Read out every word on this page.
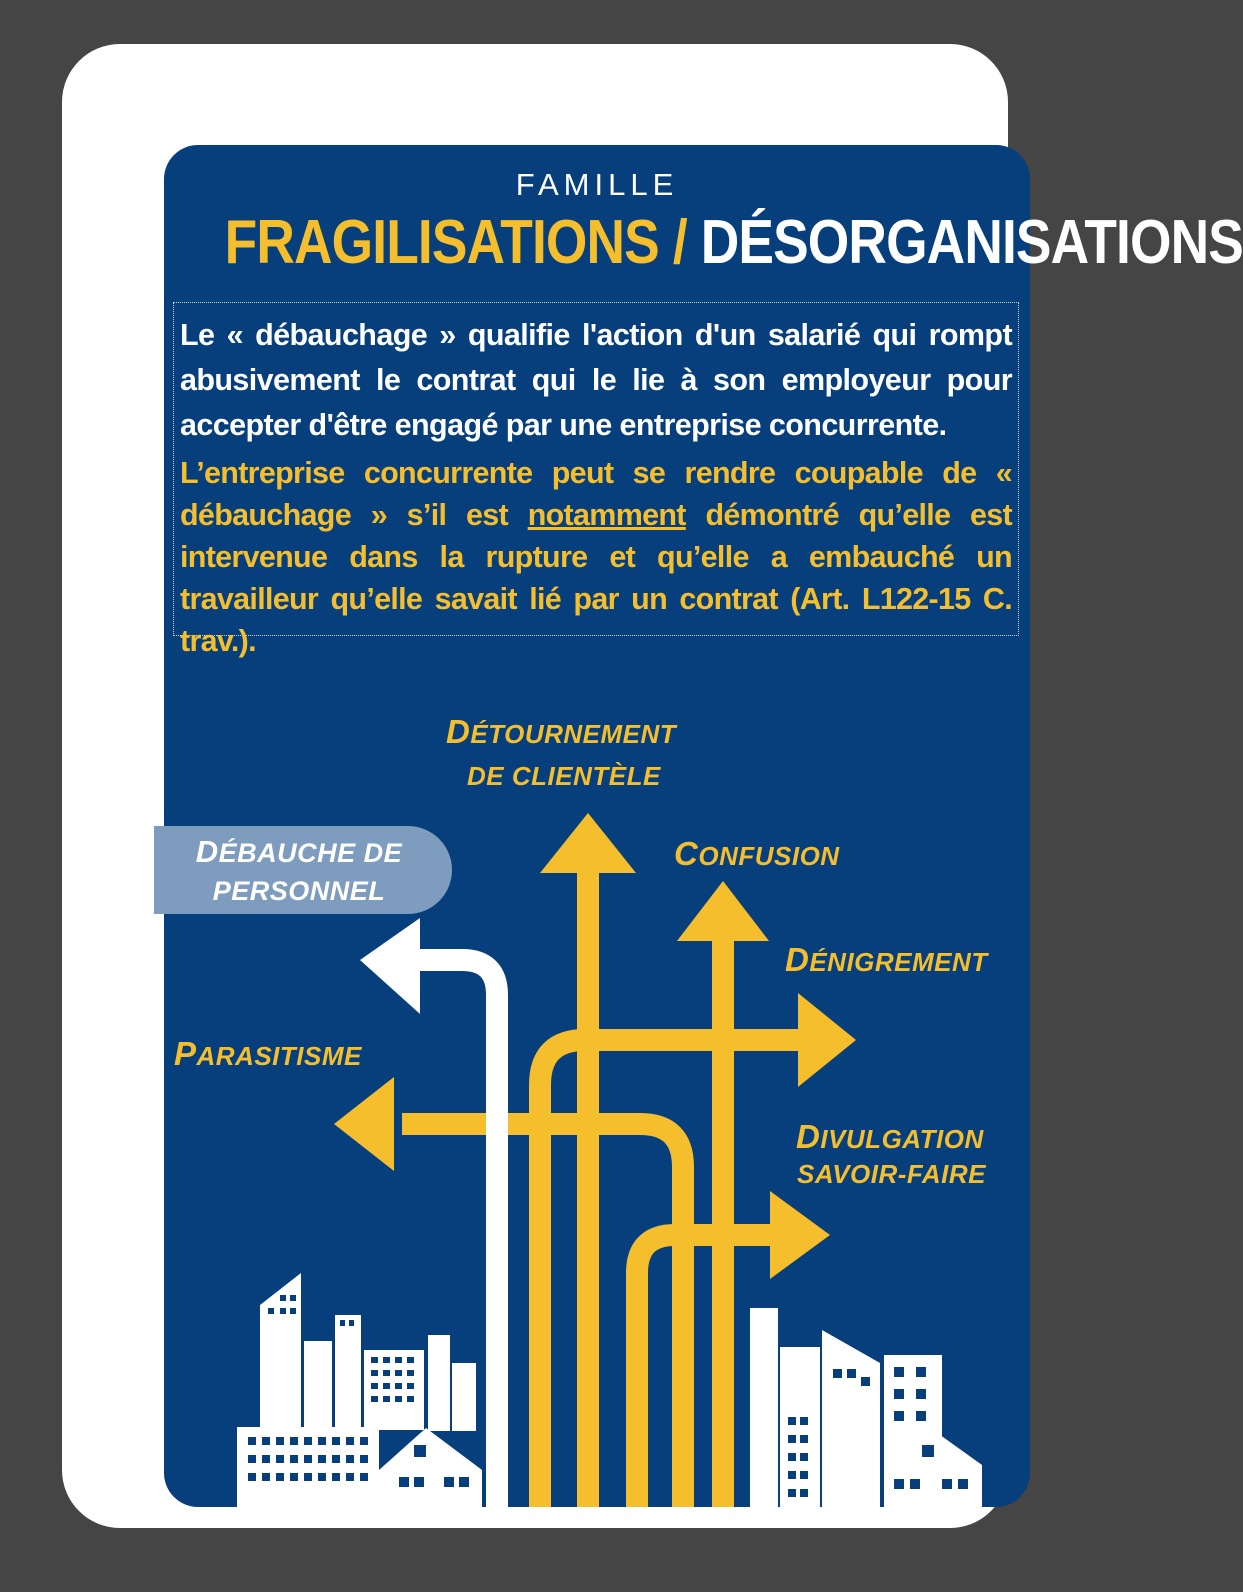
FAMILLE
FRAGILISATIONS / DÉSORGANISATIONS

Le « débauchage » qualifie l'action d'un salarié qui rompt abusivement le contrat qui le lie à son employeur pour accepter d'être engagé par une entreprise concurrente.

L’entreprise concurrente peut se rendre coupable de « débauchage » s’il est notamment démontré qu’elle est intervenue dans la rupture et qu’elle a embauché un travailleur qu’elle savait lié par un contrat (Art. L122-15 C. trav.).

DÉTOURNEMENT
DE CLIENTÈLE
CONFUSION
DÉNIGREMENT
PARASITISME
DIVULGATION
SAVOIR-FAIRE
DÉBAUCHE DE
PERSONNEL
